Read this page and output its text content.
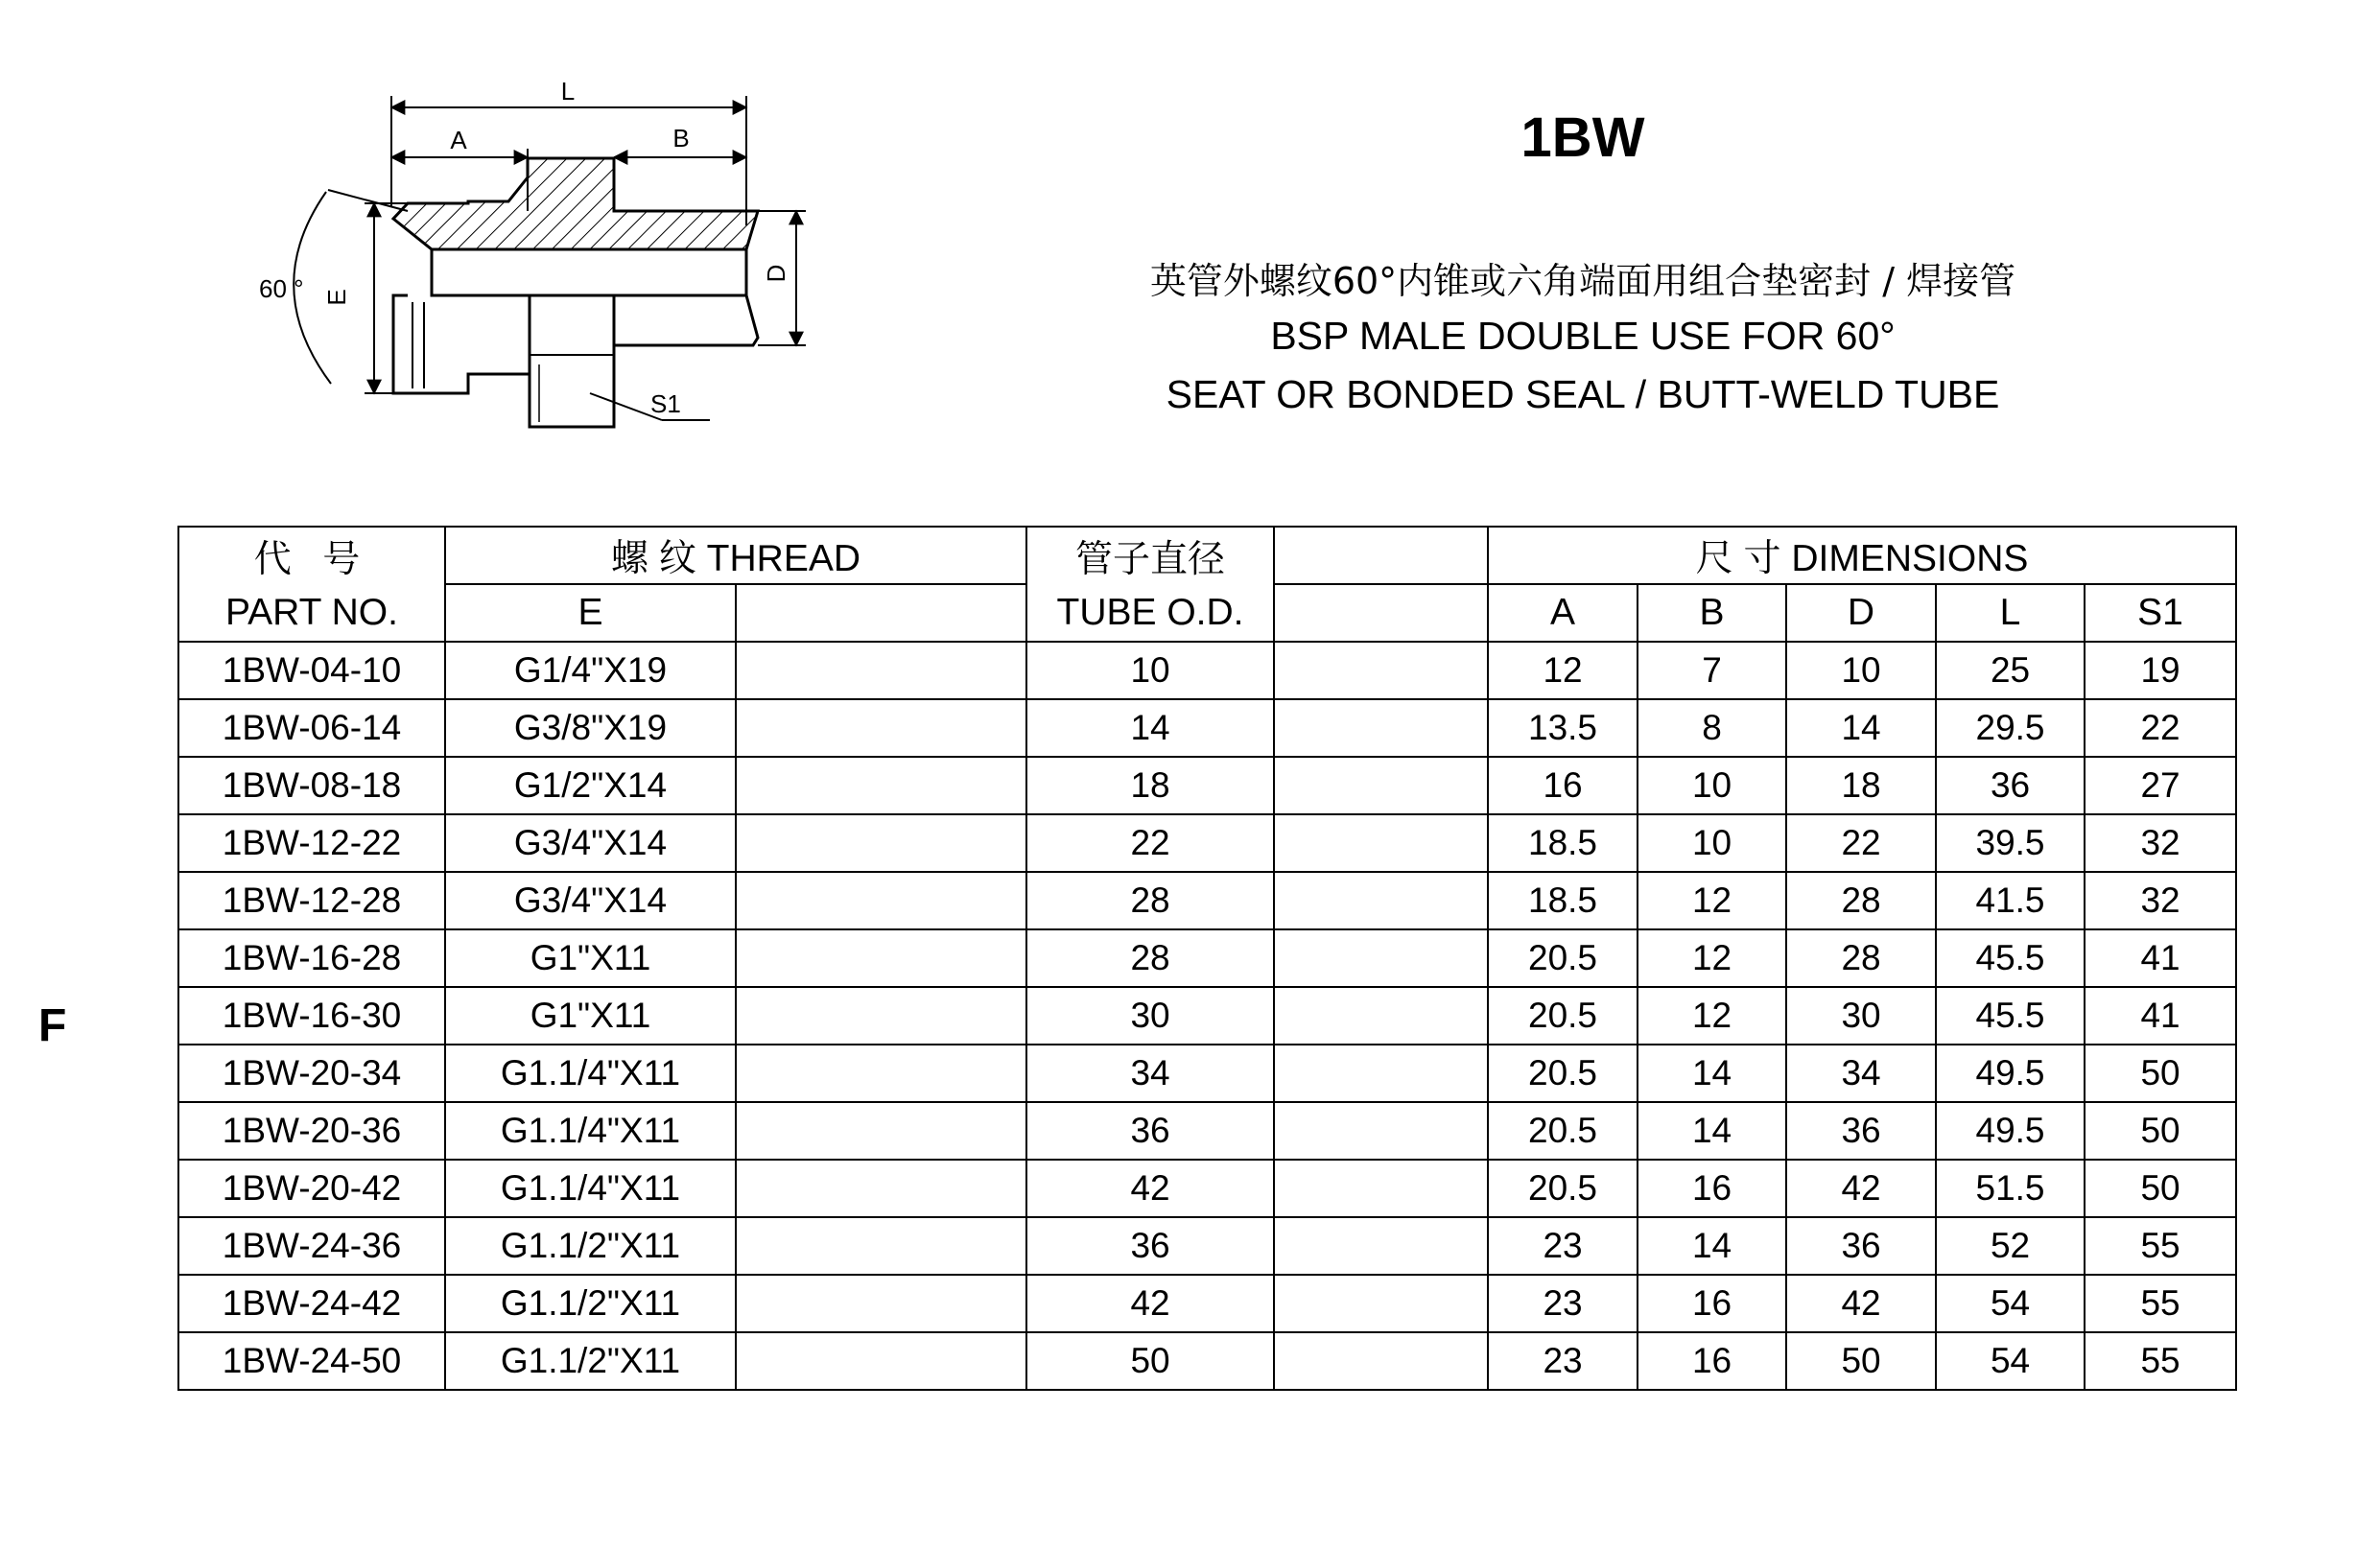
L
A	B
D
E
60 °
S1
1BW
英管外螺纹60°内锥或六角端面用组合垫密封 / 焊接管
BSP MALE DOUBLE USE FOR 60°
SEAT OR BONDED SEAL / BUTT-WELD TUBE
F
代 号	螺 纹 THREAD		管子直径		尺 寸 DIMENSIONS				
PART NO.	E		TUBE O.D.		A	B	D	L	S1
1BW-04-10	G1/4"X19		10		12	7	10	25	19
1BW-06-14	G3/8"X19		14		13.5	8	14	29.5	22
1BW-08-18	G1/2"X14		18		16	10	18	36	27
1BW-12-22	G3/4"X14		22		18.5	10	22	39.5	32
1BW-12-28	G3/4"X14		28		18.5	12	28	41.5	32
1BW-16-28	G1"X11		28		20.5	12	28	45.5	41
1BW-16-30	G1"X11		30		20.5	12	30	45.5	41
1BW-20-34	G1.1/4"X11		34		20.5	14	34	49.5	50
1BW-20-36	G1.1/4"X11		36		20.5	14	36	49.5	50
1BW-20-42	G1.1/4"X11		42		20.5	16	42	51.5	50
1BW-24-36	G1.1/2"X11		36		23	14	36	52	55
1BW-24-42	G1.1/2"X11		42		23	16	42	54	55
1BW-24-50	G1.1/2"X11		50		23	16	50	54	55
